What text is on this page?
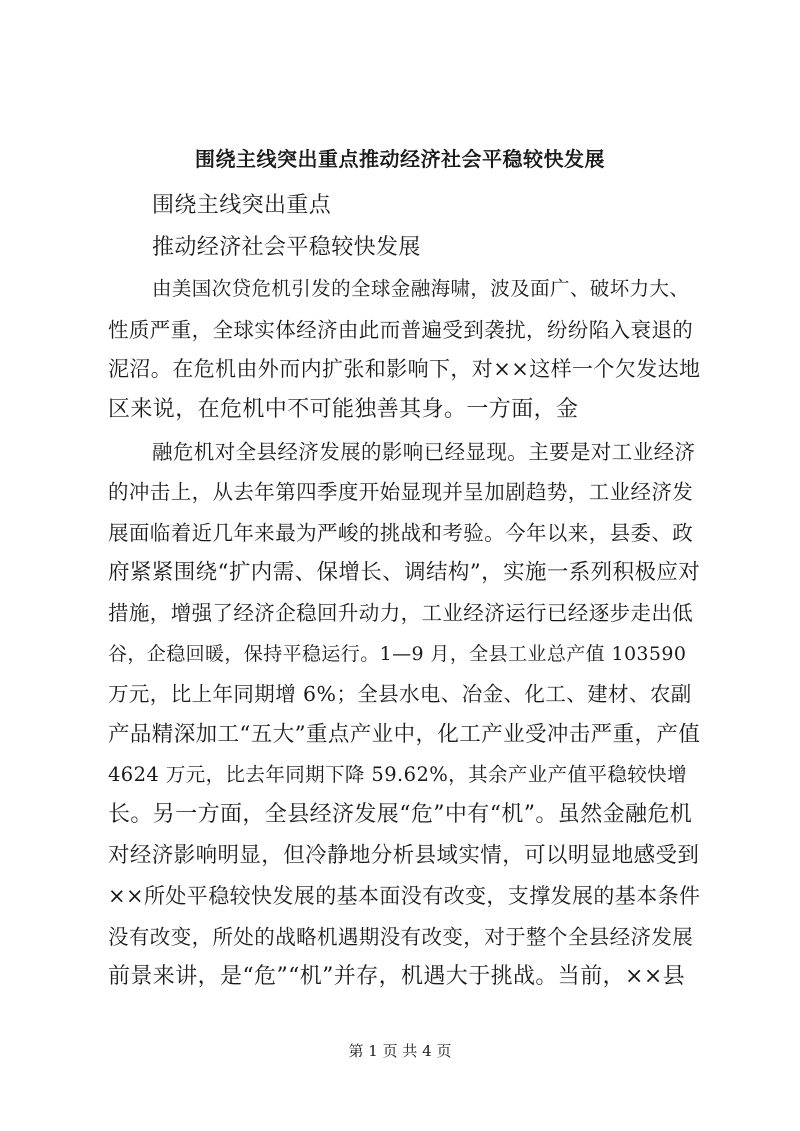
围绕主线突出重点推动经济社会平稳较快发展
围绕主线突出重点
推动经济社会平稳较快发展
由美国次贷危机引发的全球金融海啸，波及面广、破坏力大、
性质严重，全球实体经济由此而普遍受到袭扰，纷纷陷入衰退的
泥沼。在危机由外而内扩张和影响下，对××这样一个欠发达地
区来说，在危机中不可能独善其身。一方面，金
融危机对全县经济发展的影响已经显现。主要是对工业经济
的冲击上，从去年第四季度开始显现并呈加剧趋势，工业经济发
展面临着近几年来最为严峻的挑战和考验。今年以来，县委、政
府紧紧围绕“扩内需、保增长、调结构”，实施一系列积极应对
措施，增强了经济企稳回升动力，工业经济运行已经逐步走出低
谷，企稳回暖，保持平稳运行。1—9 月，全县工业总产值 103590
万元，比上年同期增 6%；全县水电、冶金、化工、建材、农副
产品精深加工“五大”重点产业中，化工产业受冲击严重，产值
4624 万元，比去年同期下降 59.62%，其余产业产值平稳较快增
长。另一方面，全县经济发展“危”中有“机”。虽然金融危机
对经济影响明显，但冷静地分析县域实情，可以明显地感受到
××所处平稳较快发展的基本面没有改变，支撑发展的基本条件
没有改变，所处的战略机遇期没有改变，对于整个全县经济发展
前景来讲，是“危”“机”并存，机遇大于挑战。当前，××县
第 1 页 共 4 页
